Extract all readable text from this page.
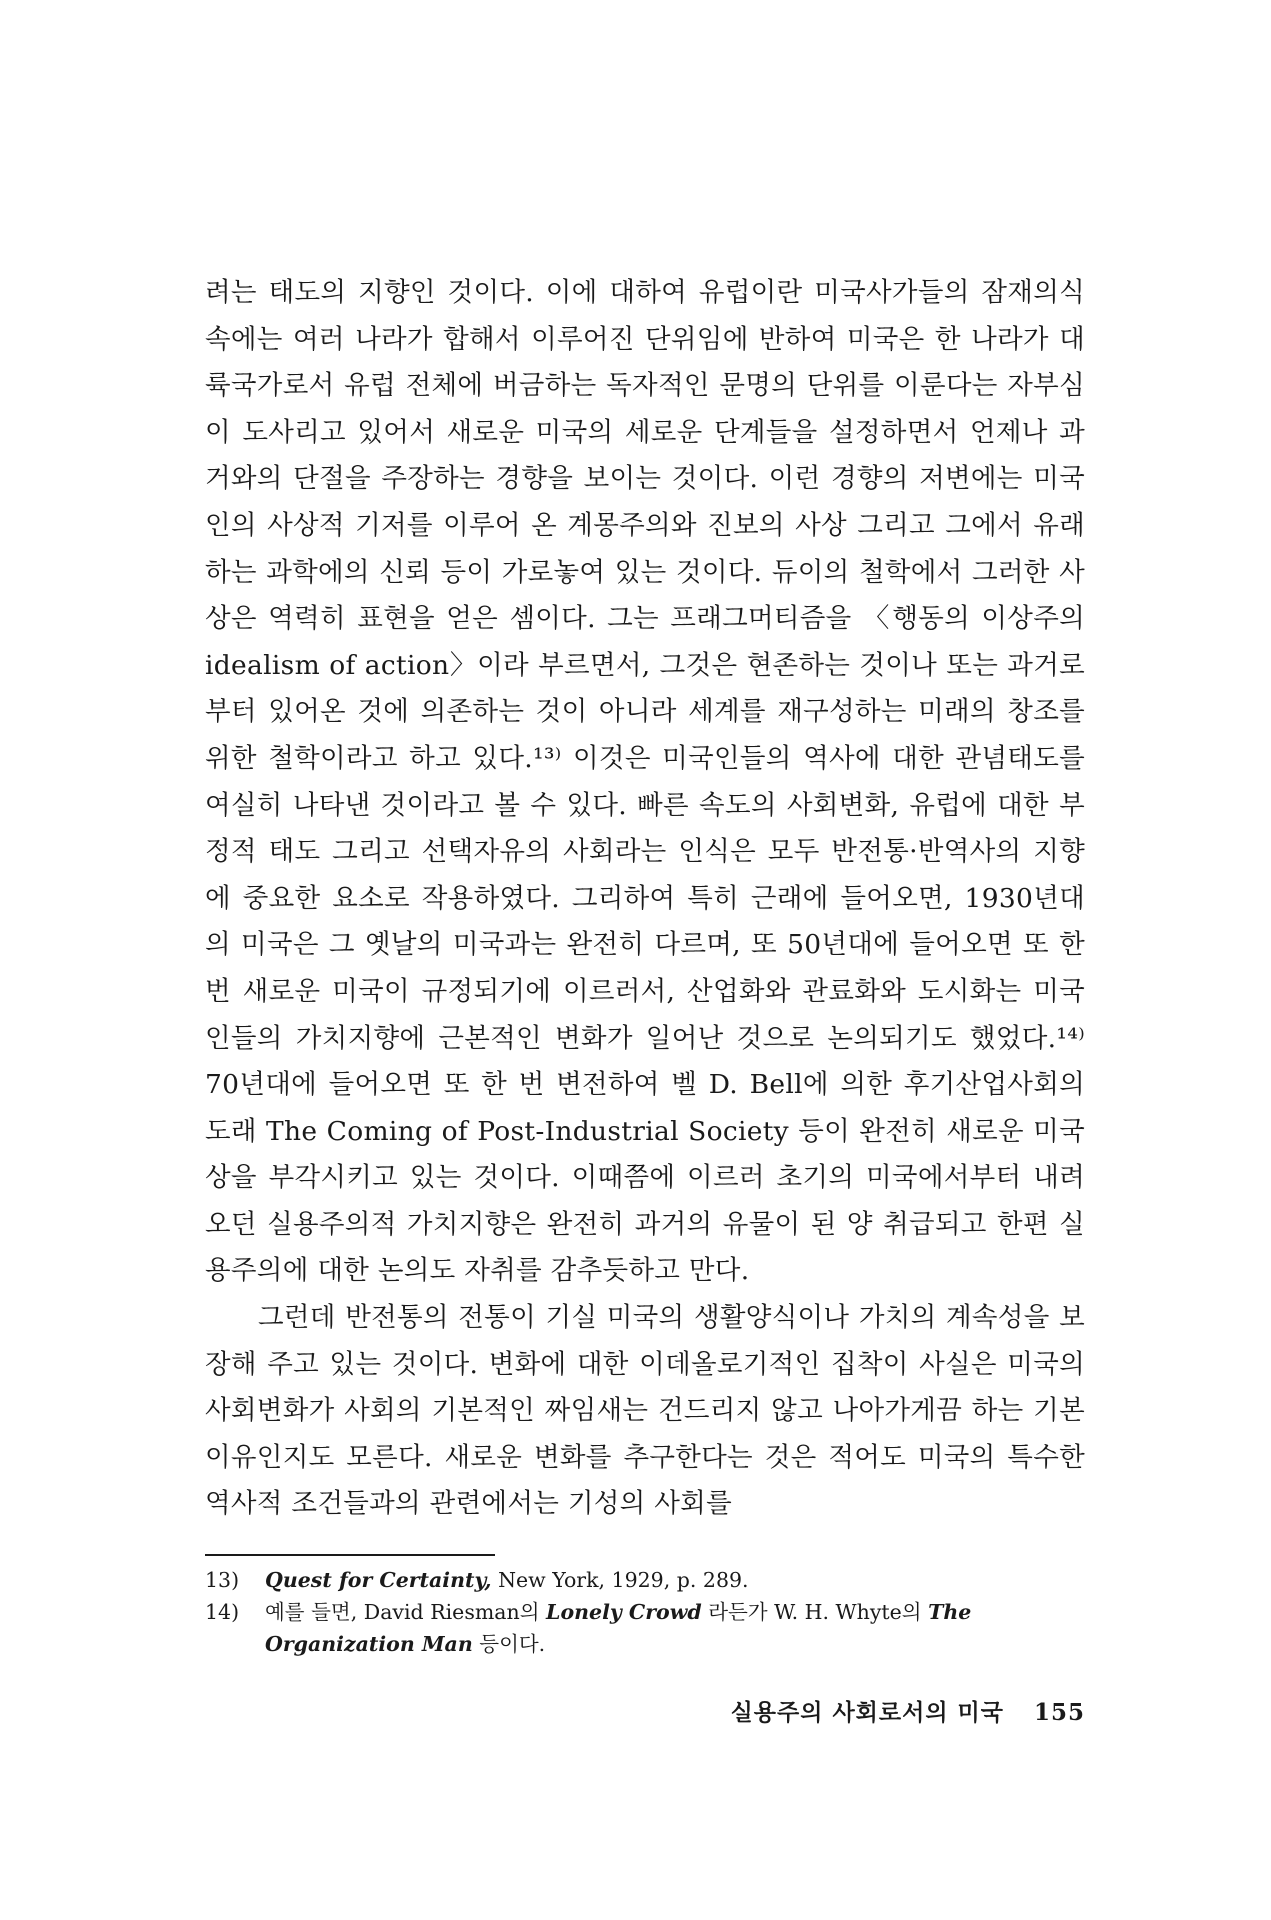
려는 태도의 지향인 것이다. 이에 대하여 유럽이란 미국사가들의 잠재의식 속에는 여러 나라가 합해서 이루어진 단위임에 반하여 미국은 한 나라가 대륙국가로서 유럽 전체에 버금하는 독자적인 문명의 단위를 이룬다는 자부심이 도사리고 있어서 새로운 미국의 세로운 단계들을 설정하면서 언제나 과거와의 단절을 주장하는 경향을 보이는 것이다. 이런 경향의 저변에는 미국인의 사상적 기저를 이루어 온 계몽주의와 진보의 사상 그리고 그에서 유래하는 과학에의 신뢰 등이 가로놓여 있는 것이다. 듀이의 철학에서 그러한 사상은 역력히 표현을 얻은 셈이다. 그는 프래그머티즘을 〈행동의 이상주의 idealism of action〉이라 부르면서, 그것은 현존하는 것이나 또는 과거로부터 있어온 것에 의존하는 것이 아니라 세계를 재구성하는 미래의 창조를 위한 철학이라고 하고 있다.¹³⁾ 이것은 미국인들의 역사에 대한 관념태도를 여실히 나타낸 것이라고 볼 수 있다. 빠른 속도의 사회변화, 유럽에 대한 부정적 태도 그리고 선택자유의 사회라는 인식은 모두 반전통·반역사의 지향에 중요한 요소로 작용하였다. 그리하여 특히 근래에 들어오면, 1930년대의 미국은 그 옛날의 미국과는 완전히 다르며, 또 50년대에 들어오면 또 한 번 새로운 미국이 규정되기에 이르러서, 산업화와 관료화와 도시화는 미국인들의 가치지향에 근본적인 변화가 일어난 것으로 논의되기도 했었다.¹⁴⁾ 70년대에 들어오면 또 한 번 변전하여 벨 D. Bell에 의한 후기산업사회의 도래 The Coming of Post-Industrial Society 등이 완전히 새로운 미국상을 부각시키고 있는 것이다. 이때쯤에 이르러 초기의 미국에서부터 내려오던 실용주의적 가치지향은 완전히 과거의 유물이 된 양 취급되고 한편 실용주의에 대한 논의도 자취를 감추듯하고 만다.

그런데 반전통의 전통이 기실 미국의 생활양식이나 가치의 계속성을 보장해 주고 있는 것이다. 변화에 대한 이데올로기적인 집착이 사실은 미국의 사회변화가 사회의 기본적인 짜임새는 건드리지 않고 나아가게끔 하는 기본이유인지도 모른다. 새로운 변화를 추구한다는 것은 적어도 미국의 특수한 역사적 조건들과의 관련에서는 기성의 사회를

13) Quest for Certainty, New York, 1929, p. 289.
14) 예를 들면, David Riesman의 Lonely Crowd 라든가 W. H. Whyte의 The Organization Man 등이다.
실용주의 사회로서의 미국 155
